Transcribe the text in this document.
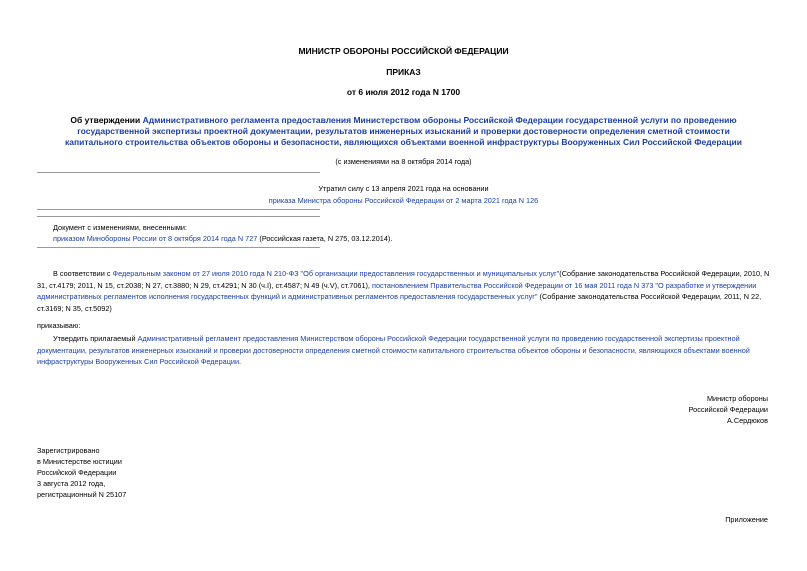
МИНИСТР ОБОРОНЫ РОССИЙСКОЙ ФЕДЕРАЦИИ
ПРИКАЗ
от 6 июля 2012 года N 1700
Об утверждении Административного регламента предоставления Министерством обороны Российской Федерации государственной услуги по проведению
государственной экспертизы проектной документации, результатов инженерных изысканий и проверки достоверности определения сметной стоимости
капитального строительства объектов обороны и безопасности, являющихся объектами военной инфраструктуры Вооруженных Сил Российской Федерации
(с изменениями на 8 октября 2014 года)
Утратил силу с 13 апреля 2021 года на основании
приказа Министра обороны Российской Федерации от 2 марта 2021 года N 126
Документ с изменениями, внесенными:
приказом Минобороны России от 8 октября 2014 года N 727 (Российская газета, N 275, 03.12.2014).
В соответствии с Федеральным законом от 27 июля 2010 года N 210-ФЗ "Об организации предоставления государственных и муниципальных услуг"(Собрание законодательства Российской Федерации, 2010, N
31, ст.4179; 2011, N 15, ст.2038; N 27, ст.3880; N 29, ст.4291; N 30 (ч.I), ст.4587; N 49 (ч.V), ст.7061), постановлением Правительства Российской Федерации от 16 мая 2011 года N 373 "О разработке и утверждении
административных регламентов исполнения государственных функций и административных регламентов предоставления государственных услуг" (Собрание законодательства Российской Федерации, 2011, N 22,
ст.3169; N 35, ст.5092)
приказываю:
Утвердить прилагаемый Административный регламент предоставления Министерством обороны Российской Федерации государственной услуги по проведению государственной экспертизы проектной
документации, результатов инженерных изысканий и проверки достоверности определения сметной стоимости капитального строительства объектов обороны и безопасности, являющихся объектами военной
инфраструктуры Вооруженных Сил Российской Федерации.
Министр обороны
Российской Федерации
А.Сердюков
Зарегистрировано
в Министерстве юстиции
Российской Федерации
3 августа 2012 года,
регистрационный N 25107
Приложение
